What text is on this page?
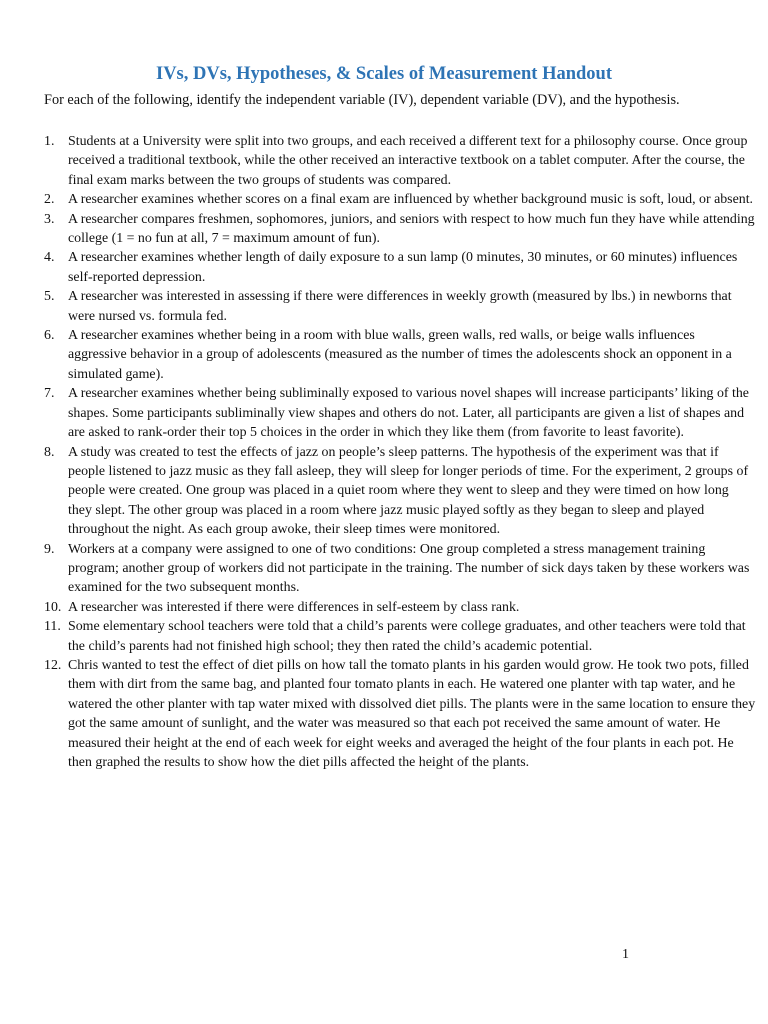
IVs, DVs, Hypotheses, & Scales of Measurement Handout

For each of the following, identify the independent variable (IV), dependent variable (DV), and the hypothesis.

1. Students at a University were split into two groups, and each received a different text for a philosophy course. Once group received a traditional textbook, while the other received an interactive textbook on a tablet computer. After the course, the final exam marks between the two groups of students was compared.
2. A researcher examines whether scores on a final exam are influenced by whether background music is soft, loud, or absent.
3. A researcher compares freshmen, sophomores, juniors, and seniors with respect to how much fun they have while attending college (1 = no fun at all, 7 = maximum amount of fun).
4. A researcher examines whether length of daily exposure to a sun lamp (0 minutes, 30 minutes, or 60 minutes) influences self-reported depression.
5. A researcher was interested in assessing if there were differences in weekly growth (measured by lbs.) in newborns that were nursed vs. formula fed.
6. A researcher examines whether being in a room with blue walls, green walls, red walls, or beige walls influences aggressive behavior in a group of adolescents (measured as the number of times the adolescents shock an opponent in a simulated game).
7. A researcher examines whether being subliminally exposed to various novel shapes will increase participants’ liking of the shapes. Some participants subliminally view shapes and others do not. Later, all participants are given a list of shapes and are asked to rank-order their top 5 choices in the order in which they like them (from favorite to least favorite).
8. A study was created to test the effects of jazz on people’s sleep patterns. The hypothesis of the experiment was that if people listened to jazz music as they fall asleep, they will sleep for longer periods of time. For the experiment, 2 groups of people were created. One group was placed in a quiet room where they went to sleep and they were timed on how long they slept. The other group was placed in a room where jazz music played softly as they began to sleep and played throughout the night. As each group awoke, their sleep times were monitored.
9. Workers at a company were assigned to one of two conditions: One group completed a stress management training program; another group of workers did not participate in the training. The number of sick days taken by these workers was examined for the two subsequent months.
10. A researcher was interested if there were differences in self-esteem by class rank.
11. Some elementary school teachers were told that a child’s parents were college graduates, and other teachers were told that the child’s parents had not finished high school; they then rated the child’s academic potential.
12. Chris wanted to test the effect of diet pills on how tall the tomato plants in his garden would grow. He took two pots, filled them with dirt from the same bag, and planted four tomato plants in each. He watered one planter with tap water, and he watered the other planter with tap water mixed with dissolved diet pills. The plants were in the same location to ensure they got the same amount of sunlight, and the water was measured so that each pot received the same amount of water. He measured their height at the end of each week for eight weeks and averaged the height of the four plants in each pot. He then graphed the results to show how the diet pills affected the height of the plants.
1
